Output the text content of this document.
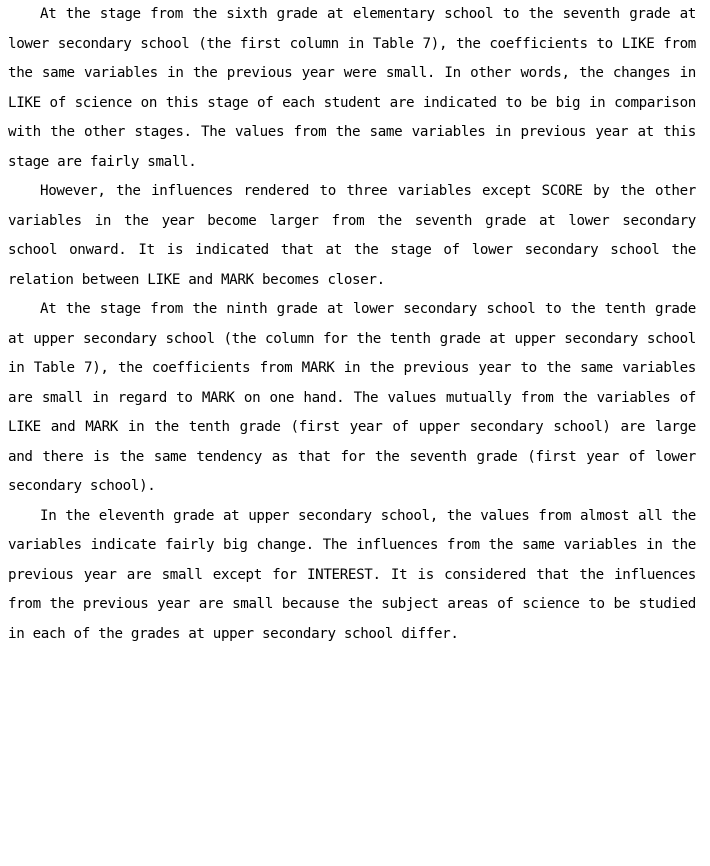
At the stage from the sixth grade at elementary school to the seventh grade at lower secondary school (the first column in Table 7), the coefficients to LIKE from the same variables in the previous year were small. In other words, the changes in LIKE of science on this stage of each student are indicated to be big in comparison with the other stages. The values from the same variables in previous year at this stage are fairly small.

However, the influences rendered to three variables except SCORE by the other variables in the year become larger from the seventh grade at lower secondary school onward. It is indicated that at the stage of lower secondary school the relation between LIKE and MARK becomes closer.

At the stage from the ninth grade at lower secondary school to the tenth grade at upper secondary school (the column for the tenth grade at upper secondary school in Table 7), the coefficients from MARK in the previous year to the same variables are small in regard to MARK on one hand. The values mutually from the variables of LIKE and MARK in the tenth grade (first year of upper secondary school) are large and there is the same tendency as that for the seventh grade (first year of lower secondary school).

In the eleventh grade at upper secondary school, the values from almost all the variables indicate fairly big change. The influences from the same variables in the previous year are small except for INTEREST. It is considered that the influences from the previous year are small because the subject areas of science to be studied in each of the grades at upper secondary school differ.
